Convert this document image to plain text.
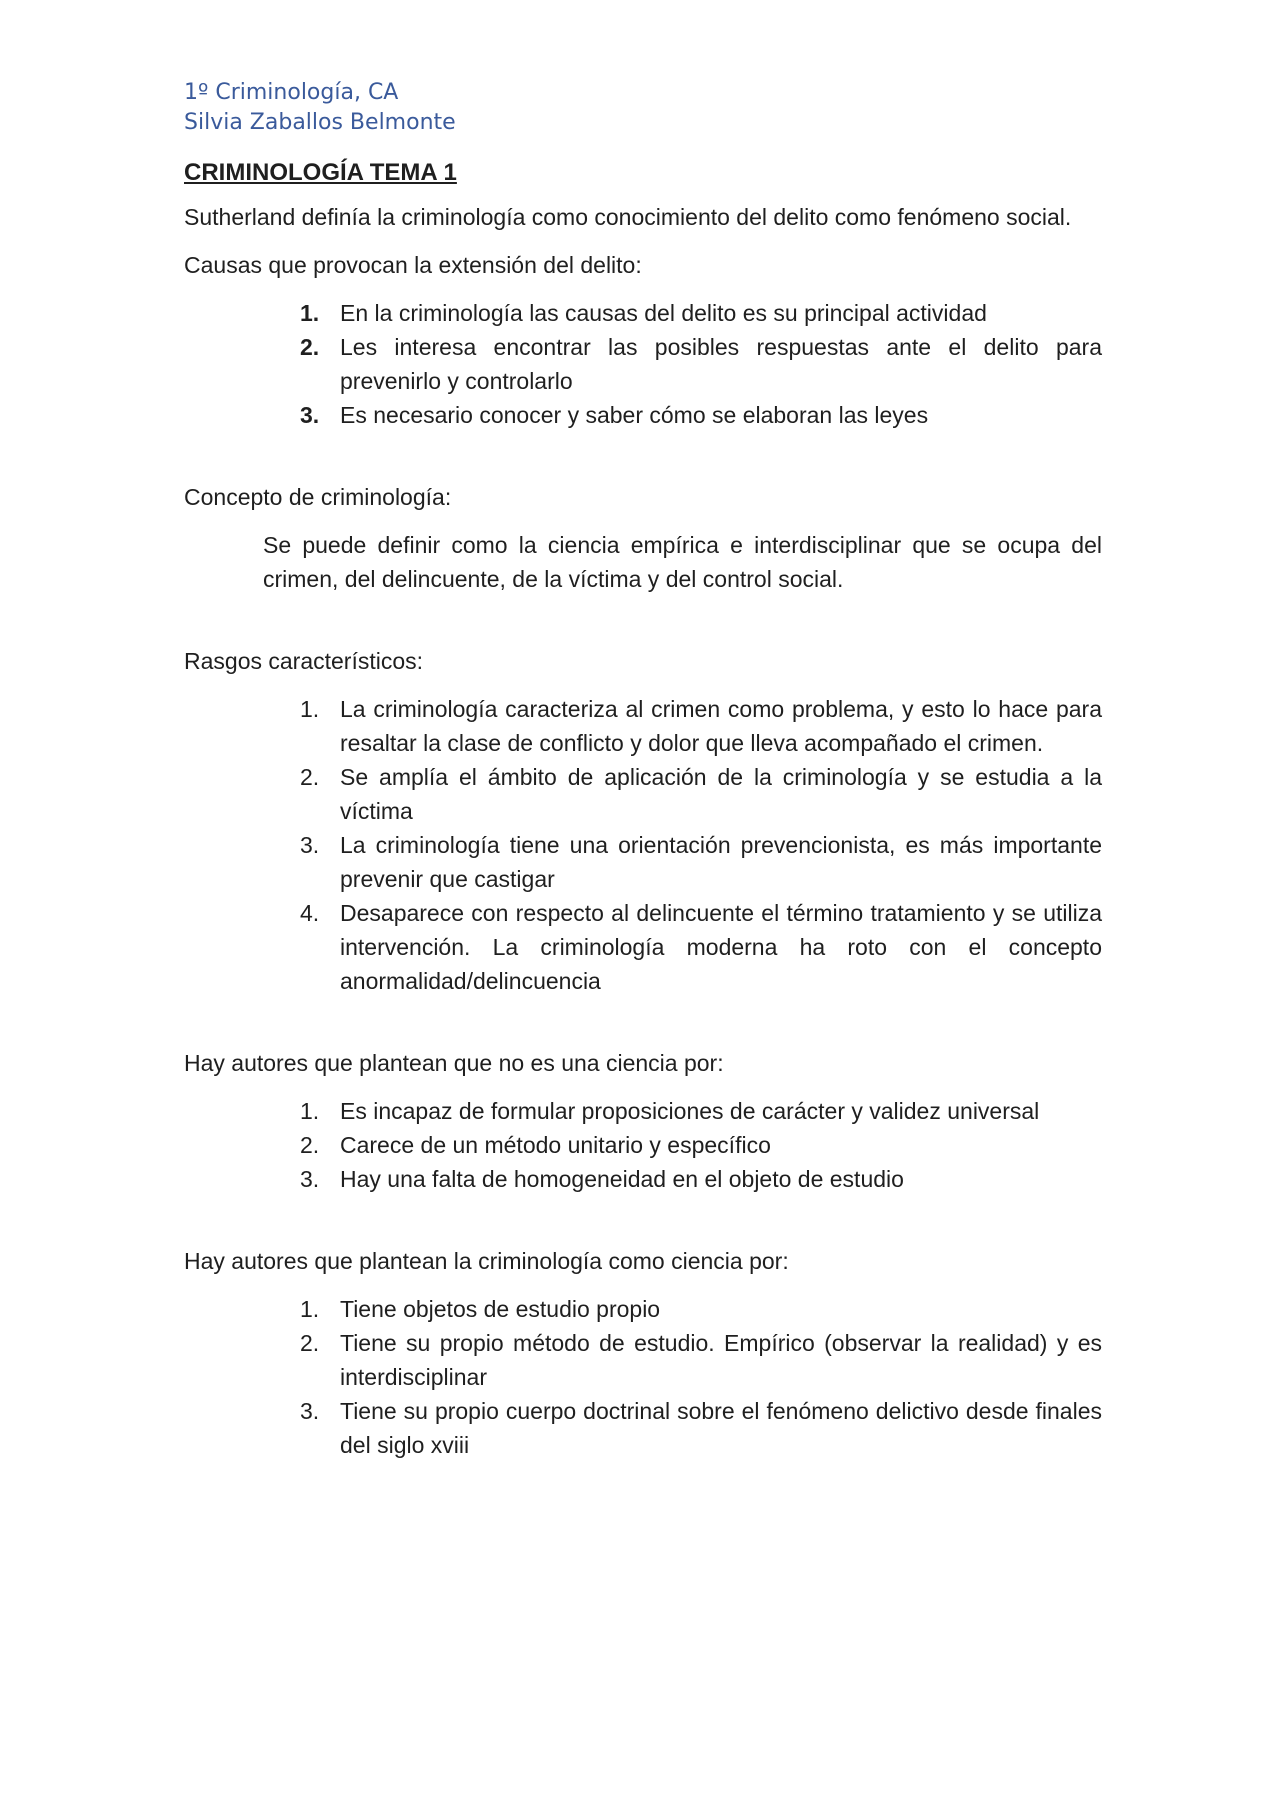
1º Criminología, CA

Silvia Zaballos Belmonte

CRIMINOLOGÍA TEMA 1

Sutherland definía la criminología como conocimiento del delito como fenómeno social.

Causas que provocan la extensión del delito:

1. En la criminología las causas del delito es su principal actividad
2. Les interesa encontrar las posibles respuestas ante el delito para prevenirlo y controlarlo
3. Es necesario conocer y saber cómo se elaboran las leyes

Concepto de criminología:

Se puede definir como la ciencia empírica e interdisciplinar que se ocupa del crimen, del delincuente, de la víctima y del control social.

Rasgos característicos:

1. La criminología caracteriza al crimen como problema, y esto lo hace para resaltar la clase de conflicto y dolor que lleva acompañado el crimen.
2. Se amplía el ámbito de aplicación de la criminología y se estudia a la víctima
3. La criminología tiene una orientación prevencionista, es más importante prevenir que castigar
4. Desaparece con respecto al delincuente el término tratamiento y se utiliza intervención. La criminología moderna ha roto con el concepto anormalidad/delincuencia

Hay autores que plantean que no es una ciencia por:

1. Es incapaz de formular proposiciones de carácter y validez universal
2. Carece de un método unitario y específico
3. Hay una falta de homogeneidad en el objeto de estudio

Hay autores que plantean la criminología como ciencia por:

1. Tiene objetos de estudio propio
2. Tiene su propio método de estudio. Empírico (observar la realidad) y es interdisciplinar
3. Tiene su propio cuerpo doctrinal sobre el fenómeno delictivo desde finales del siglo xviii
